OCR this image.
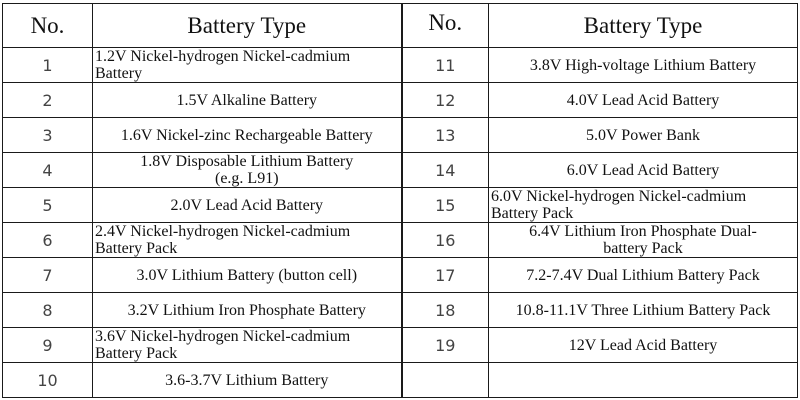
No.	Battery Type	No.	Battery Type
1	1.2V Nickel-hydrogen Nickel-cadmium Battery	11	3.8V High-voltage Lithium Battery
2	1.5V Alkaline Battery	12	4.0V Lead Acid Battery
3	1.6V Nickel-zinc Rechargeable Battery	13	5.0V Power Bank
4	1.8V Disposable Lithium Battery (e.g. L91)	14	6.0V Lead Acid Battery
5	2.0V Lead Acid Battery	15	6.0V Nickel-hydrogen Nickel-cadmium Battery Pack
6	2.4V Nickel-hydrogen Nickel-cadmium Battery Pack	16	6.4V Lithium Iron Phosphate Dual-battery Pack
7	3.0V Lithium Battery (button cell)	17	7.2-7.4V Dual Lithium Battery Pack
8	3.2V Lithium Iron Phosphate Battery	18	10.8-11.1V Three Lithium Battery Pack
9	3.6V Nickel-hydrogen Nickel-cadmium Battery Pack	19	12V Lead Acid Battery
10	3.6-3.7V Lithium Battery		
